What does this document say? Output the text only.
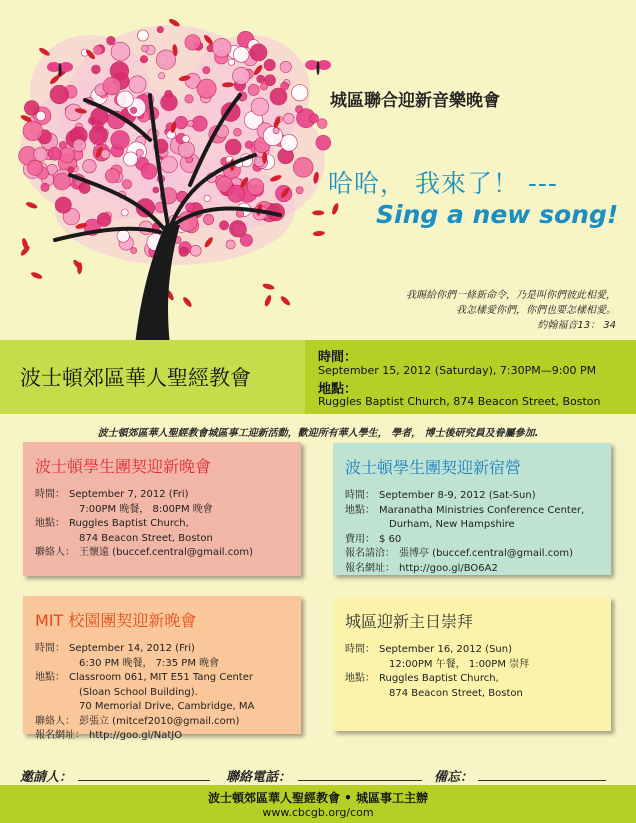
城區聯合迎新音樂晚會
哈哈， 我來了！ ---
Sing a new song!
我賜給你們一條新命令，乃是叫你們彼此相愛，
我怎樣愛你們，你們也要怎樣相愛。
約翰福音13： 34
波士頓郊區華人聖經教會
時間：
September 15, 2012 (Saturday), 7:30PM—9:00 PM
地點：
Ruggles Baptist Church, 874 Beacon Street, Boston
波士頓郊區華人聖經教會城區事工迎新活動，歡迎所有華人學生， 學者， 博士後研究員及眷屬參加.
波士頓學生團契迎新晚會
時間： September 7, 2012 (Fri)
7:00PM 晚餐， 8:00PM 晚會
地點： Ruggles Baptist Church,
874 Beacon Street, Boston
聯絡人： 王懷遠 (buccef.central@gmail.com)
波士頓學生團契迎新宿營
時間： September 8-9, 2012 (Sat-Sun)
地點： Maranatha Ministries Conference Center,
Durham, New Hampshire
費用： $ 60
報名請洽： 張博亭 (buccef.central@gmail.com)
報名網址： http://goo.gl/BO6A2
MIT 校園團契迎新晚會
時間： September 14, 2012 (Fri)
6:30 PM 晚餐， 7:35 PM 晚會
地點： Classroom 061, MIT E51 Tang Center
(Sloan School Building).
70 Memorial Drive, Cambridge, MA
聯絡人： 彭張立 (mitcef2010@gmail.com)
報名網址： http://goo.gl/NatJO
城區迎新主日崇拜
時間： September 16, 2012 (Sun)
12:00PM 午餐， 1:00PM 崇拜
地點： Ruggles Baptist Church,
874 Beacon Street, Boston
邀請人：	聯絡電話：	備忘：
波士頓郊區華人聖經教會 • 城區事工主辦
www.cbcgb.org/com
